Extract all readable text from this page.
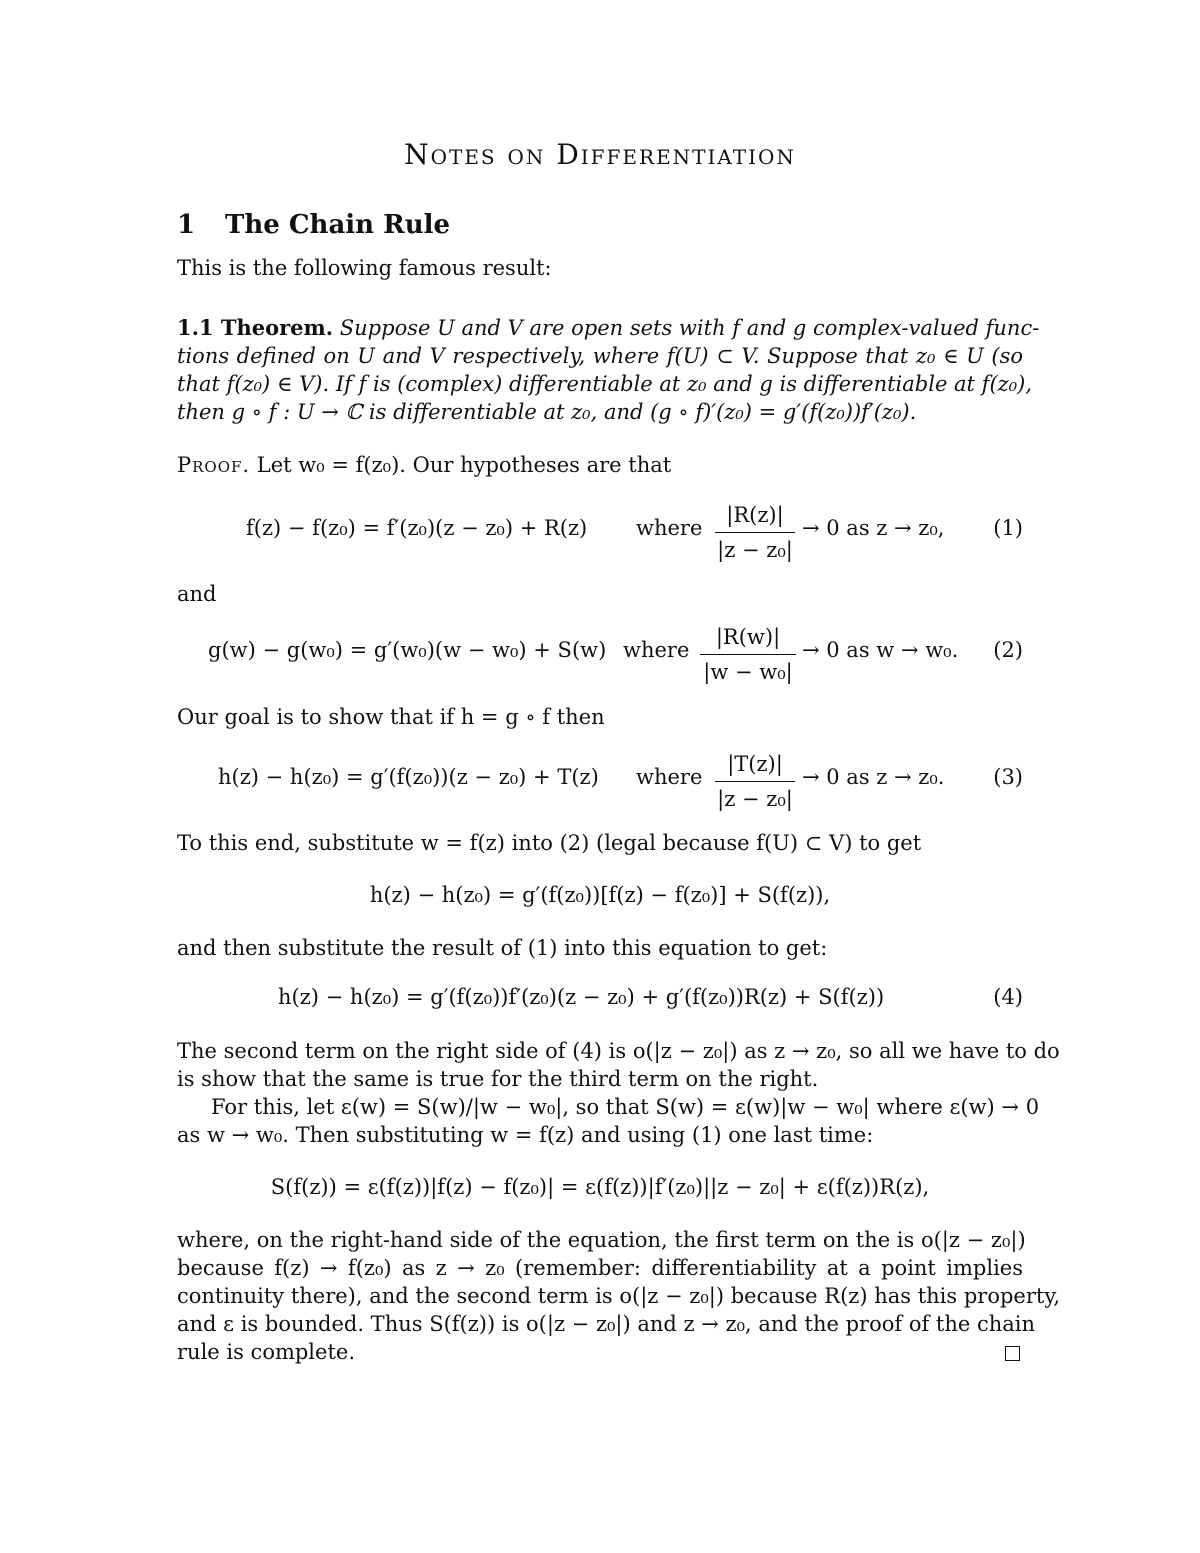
Notes on Differentiation
1 The Chain Rule
This is the following famous result:
1.1 Theorem. Suppose U and V are open sets with f and g complex-valued func-
tions defined on U and V respectively, where f(U) ⊂ V. Suppose that z₀ ∈ U (so
that f(z₀) ∈ V). If f is (complex) differentiable at z₀ and g is differentiable at f(z₀),
then g ∘ f : U → ℂ is differentiable at z₀, and (g ∘ f)′(z₀) = g′(f(z₀))f′(z₀).
Proof. Let w₀ = f(z₀). Our hypotheses are that
f(z) − f(z₀) = f′(z₀)(z − z₀) + R(z) where $\frac{|R(z)|}{\text{|z − z₀|}} \to 0$ as z → z₀, (1)
and
g(w) − g(w₀) = g′(w₀)(w − w₀) + S(w) where $\frac{|R(w)|}{\text{|w − w₀|}} \to 0$ as w → w₀. (2)
Our goal is to show that if h = g ∘ f then
h(z) − h(z₀) = g′(f(z₀))(z − z₀) + T(z) where $\frac{|T(z)|}{\text{|z − z₀|}} \to 0$ as z → z₀. (3)
To this end, substitute w = f(z) into (2) (legal because f(U) ⊂ V) to get
h(z) − h(z₀) = g′(f(z₀))[f(z) − f(z₀)] + S(f(z)),
and then substitute the result of (1) into this equation to get:
h(z) − h(z₀) = g′(f(z₀))f′(z₀)(z − z₀) + g′(f(z₀))R(z) + S(f(z))	(4)
The second term on the right side of (4) is o(|z − z₀|) as z → z₀, so all we have to do
is show that the same is true for the third term on the right.
For this, let ε(w) = S(w)/|w − w₀|, so that S(w) = ε(w)|w − w₀| where ε(w) → 0
as w → w₀. Then substituting w = f(z) and using (1) one last time:
S(f(z)) = ε(f(z))|f(z) − f(z₀)| = ε(f(z))|f′(z₀)||z − z₀| + ε(f(z))R(z),
where, on the right-hand side of the equation, the first term on the is o(|z − z₀|)
because f(z) → f(z₀) as z → z₀ (remember: differentiability at a point implies
continuity there), and the second term is o(|z − z₀|) because R(z) has this property,
and ε is bounded. Thus S(f(z)) is o(|z − z₀|) and z → z₀, and the proof of the chain
rule is complete.
